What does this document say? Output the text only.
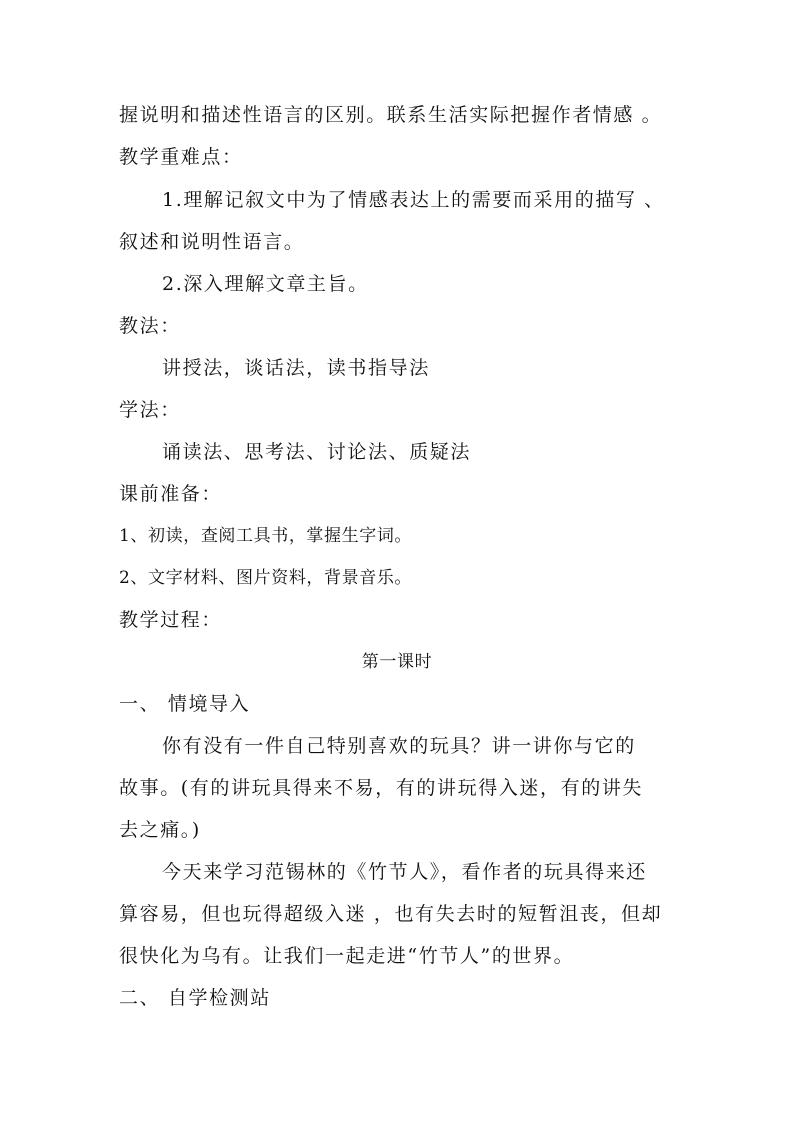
握说明和描述性语言的区别。联系生活实际把握作者情感 。
教学重难点：
1.理解记叙文中为了情感表达上的需要而采用的描写 、
叙述和说明性语言。
2.深入理解文章主旨。
教法：
讲授法，谈话法，读书指导法
学法：
诵读法、思考法、讨论法、质疑法
课前准备：
1、初读，查阅工具书，掌握生字词。
2、文字材料、图片资料，背景音乐。
教学过程：
第一课时
一、 情境导入
你有没有一件自己特别喜欢的玩具？讲一讲你与它的
故事。(有的讲玩具得来不易，有的讲玩得入迷，有的讲失
去之痛。)
今天来学习范锡林的《竹节人》，看作者的玩具得来还
算容易，但也玩得超级入迷 ，也有失去时的短暂沮丧，但却
很快化为乌有。让我们一起走进“竹节人”的世界。
二、 自学检测站
